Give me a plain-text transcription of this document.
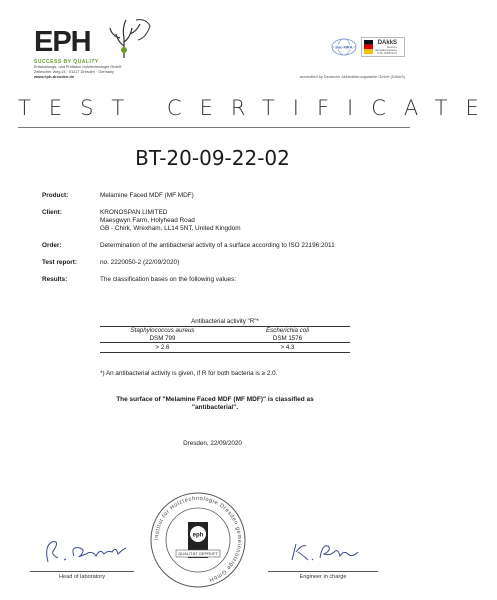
EPH
SUCCESS BY QUALITY
Entwicklungs- und Prüflabor Holztechnologie GmbH
Zellescher Weg 24 · 01217 Dresden · Germany
www.eph-dresden.de
ilac·MRA
DAkkS
Deutsche
Akkreditierungsstelle
D-PL-11086-01-00
accredited by Deutsche Akkreditierungsstelle GmbH (DAkkS)
TEST CERTIFICATE
BT-20-09-22-02
Product:	Melamine Faced MDF (MF MDF)
Client:	KRONOSPAN LIMITED
Maesgwyn Farm, Holyhead Road
GB - Chirk, Wrexham, LL14 5NT, United Kingdom
Order:	Determination of the antibacterial activity of a surface according to ISO 22196:2011
Test report:	no. 2220050-2 (22/09/2020)
Results:	The classification bases on the following values:
Antibacterial activity "R"*
Staphylococcus aureus	Escherichia coli
DSM 799	DSM 1576
> 2.6	> 4.3
*) An antibacterial activity is given, if R for both bacteria is ≥ 2.0.
The surface of "Melamine Faced MDF (MF MDF)" is classified as
"antibacterial".
Dresden, 22/09/2020
Institut für Holztechnologie Dresden gemeinnützige GmbH
eph
QUALITÄT GEPRÜFT
Head of laboratory	Engineer in charge
